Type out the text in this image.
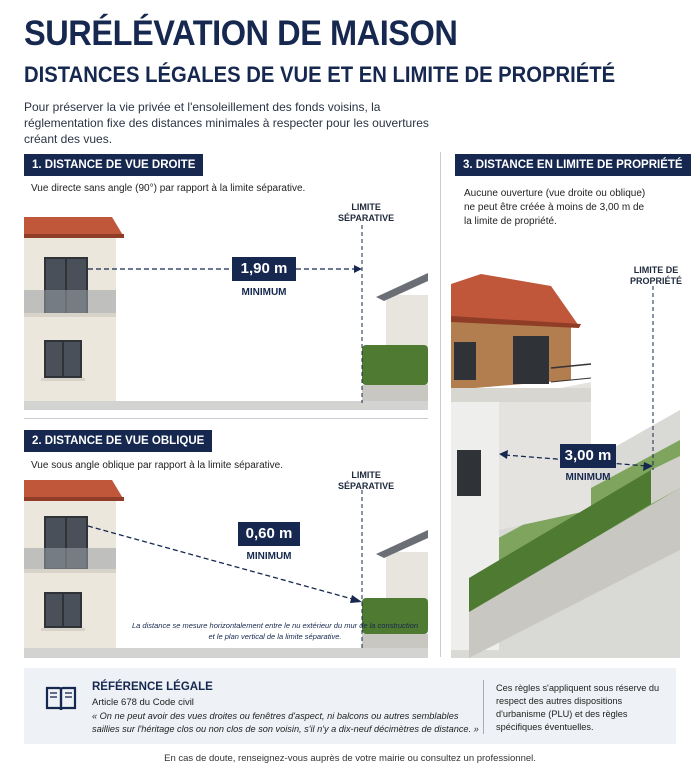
SURÉLÉVATION DE MAISON
DISTANCES LÉGALES DE VUE ET EN LIMITE DE PROPRIÉTÉ
Pour préserver la vie privée et l'ensoleillement des fonds voisins, la réglementation fixe des distances minimales à respecter pour les ouvertures créant des vues.
1. DISTANCE DE VUE DROITE
Vue directe sans angle (90°) par rapport à la limite séparative.
LIMITE
SÉPARATIVE
1,90 m
MINIMUM
2. DISTANCE DE VUE OBLIQUE
Vue sous angle oblique par rapport à la limite séparative.
LIMITE
SÉPARATIVE
0,60 m
MINIMUM
La distance se mesure horizontalement entre le nu extérieur du mur de la construction et le plan vertical de la limite séparative.
3. DISTANCE EN LIMITE DE PROPRIÉTÉ
Aucune ouverture (vue droite ou oblique) ne peut être créée à moins de 3,00 m de la limite de propriété.
LIMITE DE
PROPRIÉTÉ
3,00 m
MINIMUM
RÉFÉRENCE LÉGALE
Article 678 du Code civil
« On ne peut avoir des vues droites ou fenêtres d'aspect, ni balcons ou autres semblables saillies sur l'héritage clos ou non clos de son voisin, s'il n'y a dix-neuf décimètres de distance. »
Ces règles s'appliquent sous réserve du respect des autres dispositions d'urbanisme (PLU) et des règles spécifiques éventuelles.
En cas de doute, renseignez-vous auprès de votre mairie ou consultez un professionnel.
